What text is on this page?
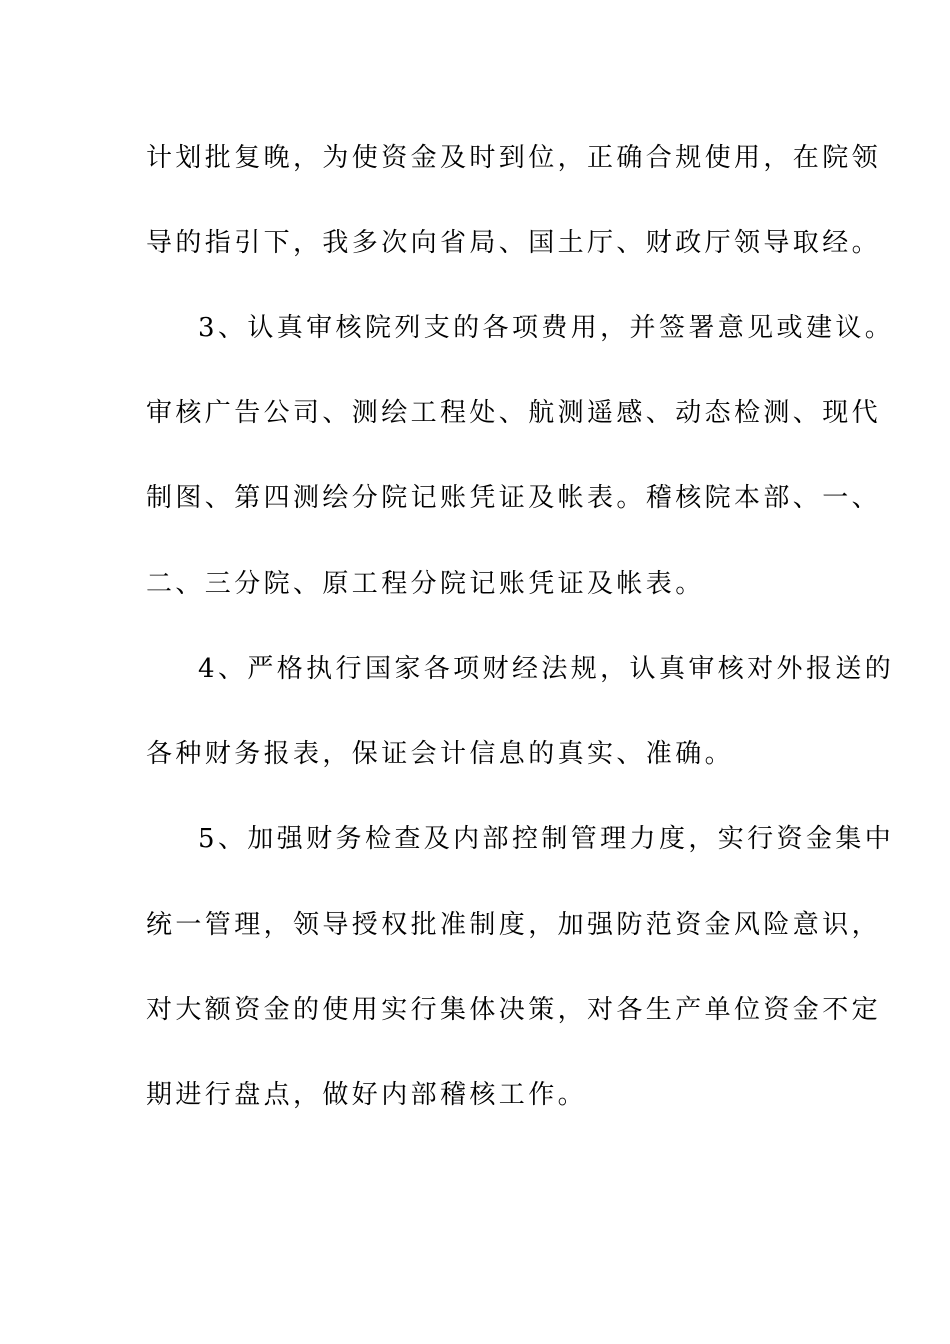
计划批复晚，为使资金及时到位，正确合规使用，在院领
导的指引下，我多次向省局、国土厅、财政厅领导取经。
3、认真审核院列支的各项费用，并签署意见或建议。
审核广告公司、测绘工程处、航测遥感、动态检测、现代
制图、第四测绘分院记账凭证及帐表。稽核院本部、一、
二、三分院、原工程分院记账凭证及帐表。
4、严格执行国家各项财经法规，认真审核对外报送的
各种财务报表，保证会计信息的真实、准确。
5、加强财务检查及内部控制管理力度，实行资金集中
统一管理，领导授权批准制度，加强防范资金风险意识，
对大额资金的使用实行集体决策，对各生产单位资金不定
期进行盘点，做好内部稽核工作。
